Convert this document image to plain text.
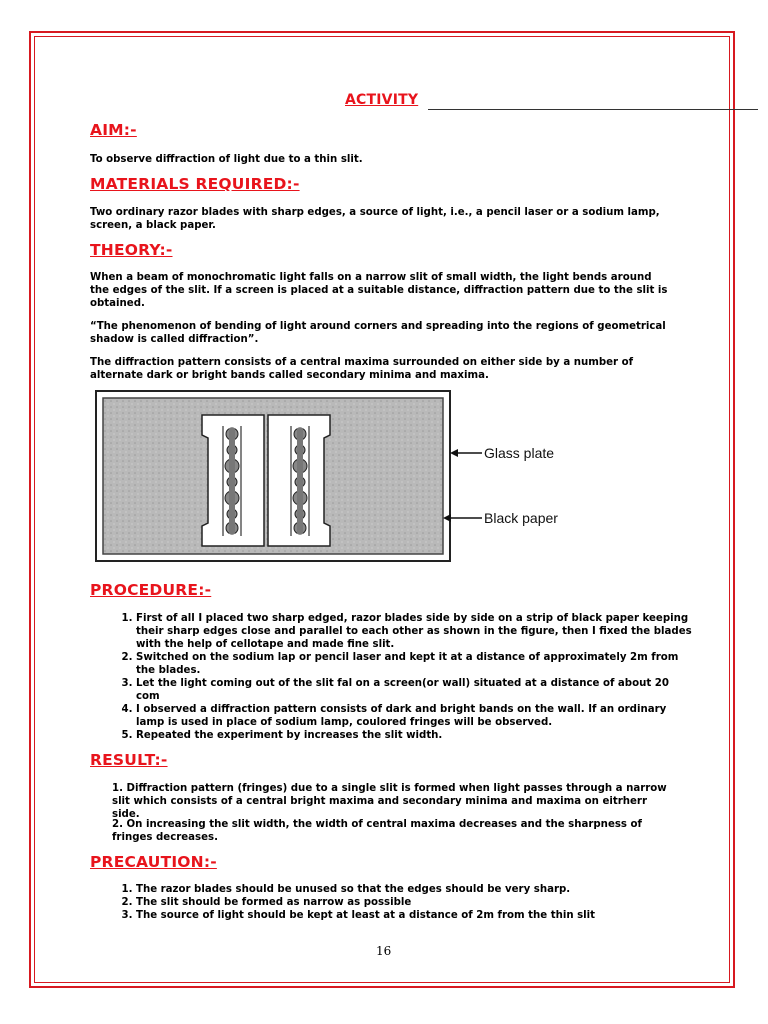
ACTIVITY
AIM:-

To observe diffraction of light due to a thin slit.

MATERIALS REQUIRED:-

Two ordinary razor blades with sharp edges, a source of light, i.e., a pencil laser or a sodium lamp, screen, a black paper.

THEORY:-

When a beam of monochromatic light falls on a narrow slit of small width, the light bends around the edges of the slit. If a screen is placed at a suitable distance, diffraction pattern due to the slit is obtained.

“The phenomenon of bending of light around corners and spreading into the regions of geometrical shadow is called diffraction”.

The diffraction pattern consists of a central maxima surrounded on either side by a number of alternate dark or bright bands called secondary minima and maxima.

Glass plate
Black paper
PROCEDURE:-
1. First of all I placed two sharp edged, razor blades side by side on a strip of black paper keeping their sharp edges close and parallel to each other as shown in the figure, then I fixed the blades with the help of cellotape and made fine slit.
2. Switched on the sodium lap or pencil laser and kept it at a distance of approximately 2m from the blades.
3. Let the light coming out of the slit fal on a screen(or wall) situated at a distance of about 20 com
4. I observed a diffraction pattern consists of dark and bright bands on the wall. If an ordinary lamp is used in place of sodium lamp, coulored fringes will be observed.
5. Repeated the experiment by increases the slit width.
RESULT:-

1. Diffraction pattern (fringes) due to a single slit is formed when light passes through a narrow slit which consists of a central bright maxima and secondary minima and maxima on eitrherr side.

2. On increasing the slit width, the width of central maxima decreases and the sharpness of fringes decreases.

PRECAUTION:-
1. The razor blades should be unused so that the edges should be very sharp.
2. The slit should be formed as narrow as possible
3. The source of light should be kept at least at a distance of 2m from the thin slit
16
